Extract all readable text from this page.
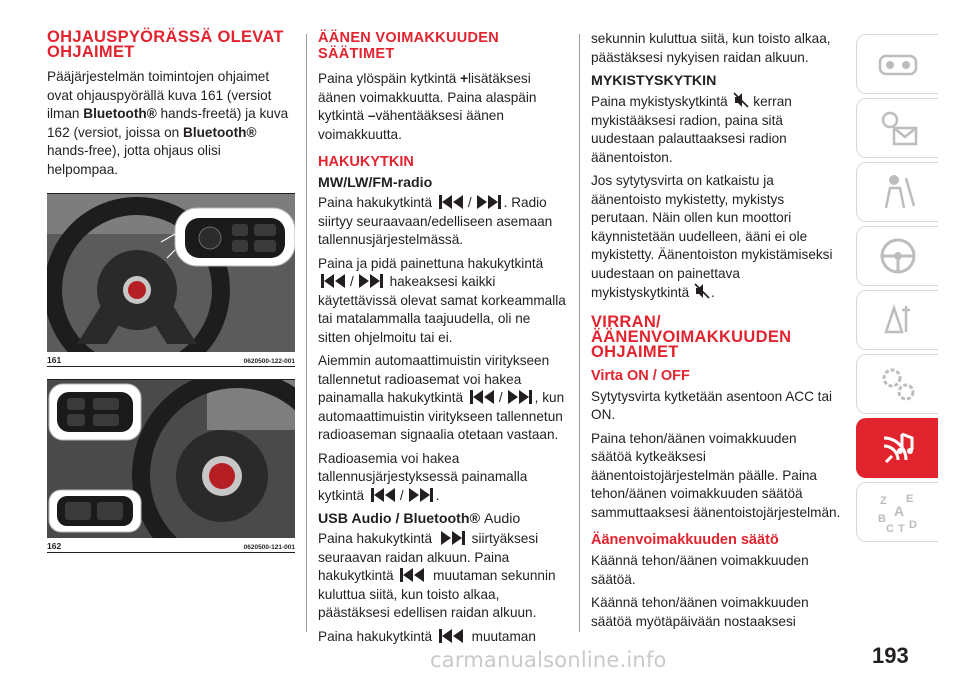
OHJAUSPYÖRÄSSÄ OLEVAT OHJAIMET

Pääjärjestelmän toimintojen ohjaimet ovat ohjauspyörällä kuva 161 (versiot ilman Bluetooth® hands-freetä) ja kuva 162 (versiot, joissa on Bluetooth® hands-free), jotta ohjaus olisi helpompaa.

161	0620500-122-001
162	0620500-121-001
ÄÄNEN VOIMAKKUUDEN SÄÄTIMET

Paina ylöspäin kytkintä +lisätäksesi äänen voimakkuutta. Paina alaspäin kytkintä –vähentääksesi äänen voimakkuutta.

HAKUKYTKIN
MW/LW/FM-radio

Paina hakukytkintä	/ . Radio siirtyy seuraavaan/edelliseen asemaan tallennusjärjestelmässä.

Paina ja pidä painettuna hakukytkintä
/	hakeaksesi kaikki käytettävissä olevat samat korkeammalla tai matalammalla taajuudella, oli ne sitten ohjelmoitu tai ei.

Aiemmin automaattimuistin viritykseen tallennetut radioasemat voi hakea painamalla hakukytkintä	/ , kun automaattimuistin viritykseen tallennetun radioaseman signaalia otetaan vastaan.

Radioasemia voi hakea tallennusjärjestyksessä painamalla kytkintä	/ .

USB Audio / Bluetooth® Audio

Paina hakukytkintä	siirtyäksesi seuraavan raidan alkuun. Paina hakukytkintä	muutaman sekunnin kuluttua siitä, kun toisto alkaa, päästäksesi edellisen raidan alkuun.

Paina hakukytkintä	muutaman

sekunnin kuluttua siitä, kun toisto alkaa, päästäksesi nykyisen raidan alkuun.

MYKISTYSKYTKIN

Paina mykistyskytkintä kerran mykistääksesi radion, paina sitä uudestaan palauttaaksesi radion äänentoiston.

Jos sytytysvirta on katkaistu ja äänentoisto mykistetty, mykistys perutaan. Näin ollen kun moottori käynnistetään uudelleen, ääni ei ole mykistetty. Äänentoiston mykistämiseksi uudestaan on painettava mykistyskytkintä .

VIRRAN/ ÄÄNENVOIMAKKUUDEN OHJAIMET
Virta ON / OFF

Sytytysvirta kytketään asentoon ACC tai ON.

Paina tehon/äänen voimakkuuden säätöä kytkeäksesi äänentoistojärjestelmän päälle. Paina tehon/äänen voimakkuuden säätöä sammuttaaksesi äänentoistojärjestelmän.

Äänenvoimakkuuden säätö

Käännä tehon/äänen voimakkuuden säätöä.

Käännä tehon/äänen voimakkuuden säätöä myötäpäivään nostaaksesi

Z E
A
B
C T D
carmanualsonline.info	193
